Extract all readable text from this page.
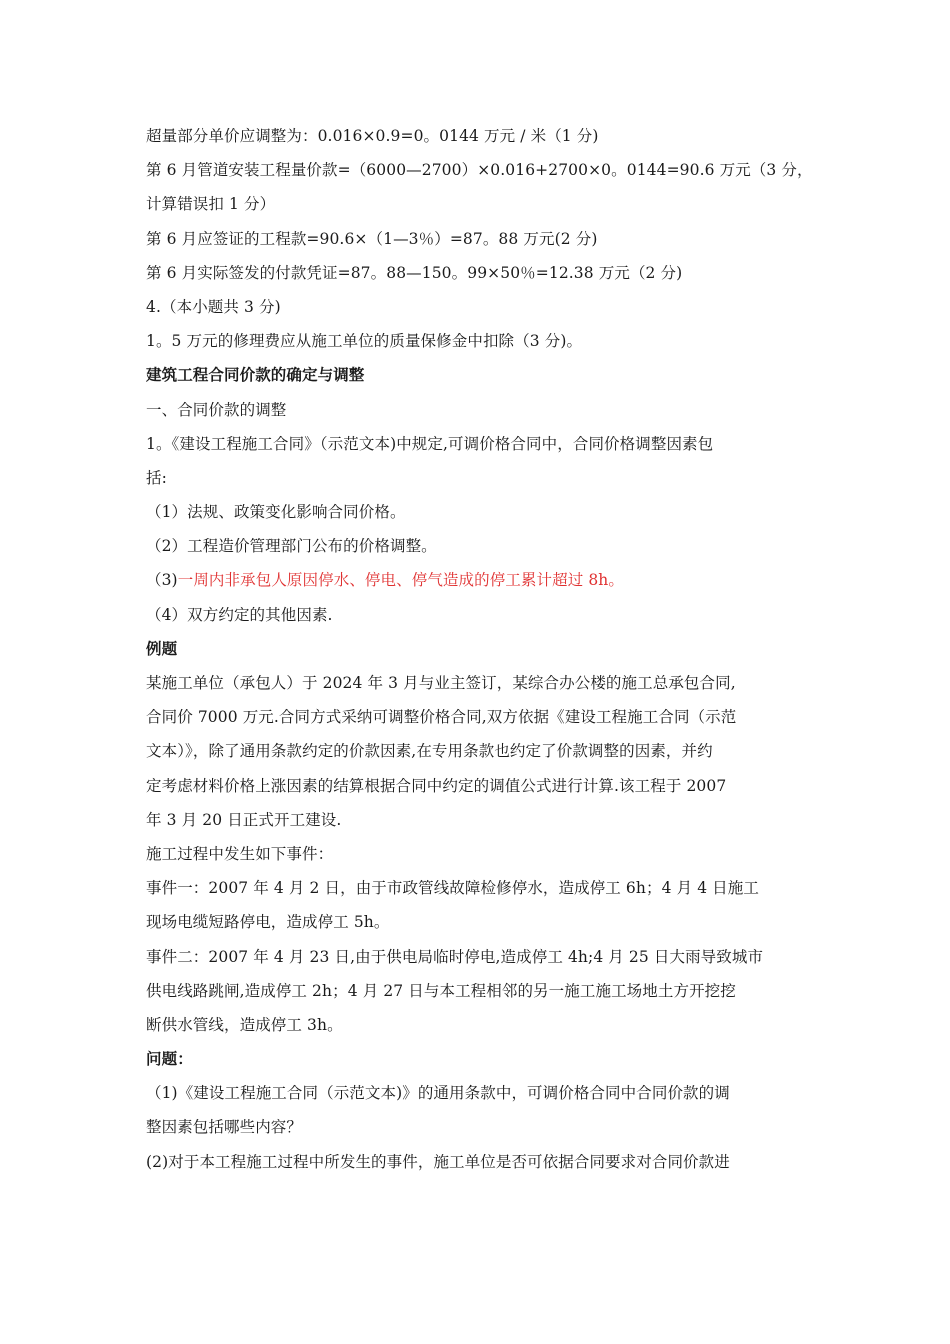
超量部分单价应调整为：0.016×0.9=0。0144 万元 / 米（1 分)
第 6 月管道安装工程量价款=（6000—2700）×0.016+2700×0。0144=90.6 万元（3 分，
计算错误扣 1 分）
第 6 月应签证的工程款=90.6×（1—3％）=87。88 万元(2 分)
第 6 月实际签发的付款凭证=87。88—150。99×50％=12.38 万元（2 分)
4.（本小题共 3 分)
1。5 万元的修理费应从施工单位的质量保修金中扣除（3 分)。
建筑工程合同价款的确定与调整
一、合同价款的调整
1。《建设工程施工合同》（示范文本)中规定,可调价格合同中，合同价格调整因素包
括:
（1）法规、政策变化影响合同价格。
（2）工程造价管理部门公布的价格调整。
（3)一周内非承包人原因停水、停电、停气造成的停工累计超过 8h。
（4）双方约定的其他因素.
例题
某施工单位（承包人）于 2024 年 3 月与业主签订，某综合办公楼的施工总承包合同,
合同价 7000 万元.合同方式采纳可调整价格合同,双方依据《建设工程施工合同（示范
文本）》，除了通用条款约定的价款因素,在专用条款也约定了价款调整的因素，并约
定考虑材料价格上涨因素的结算根据合同中约定的调值公式进行计算.该工程于 2007
年 3 月 20 日正式开工建设.
施工过程中发生如下事件：
事件一：2007 年 4 月 2 日，由于市政管线故障检修停水，造成停工 6h；4 月 4 日施工
现场电缆短路停电，造成停工 5h。
事件二：2007 年 4 月 23 日,由于供电局临时停电,造成停工 4h;4 月 25 日大雨导致城市
供电线路跳闸,造成停工 2h；4 月 27 日与本工程相邻的另一施工施工场地土方开挖挖
断供水管线，造成停工 3h。
问题：
（1)《建设工程施工合同（示范文本)》的通用条款中，可调价格合同中合同价款的调
整因素包括哪些内容？
(2)对于本工程施工过程中所发生的事件，施工单位是否可依据合同要求对合同价款进
